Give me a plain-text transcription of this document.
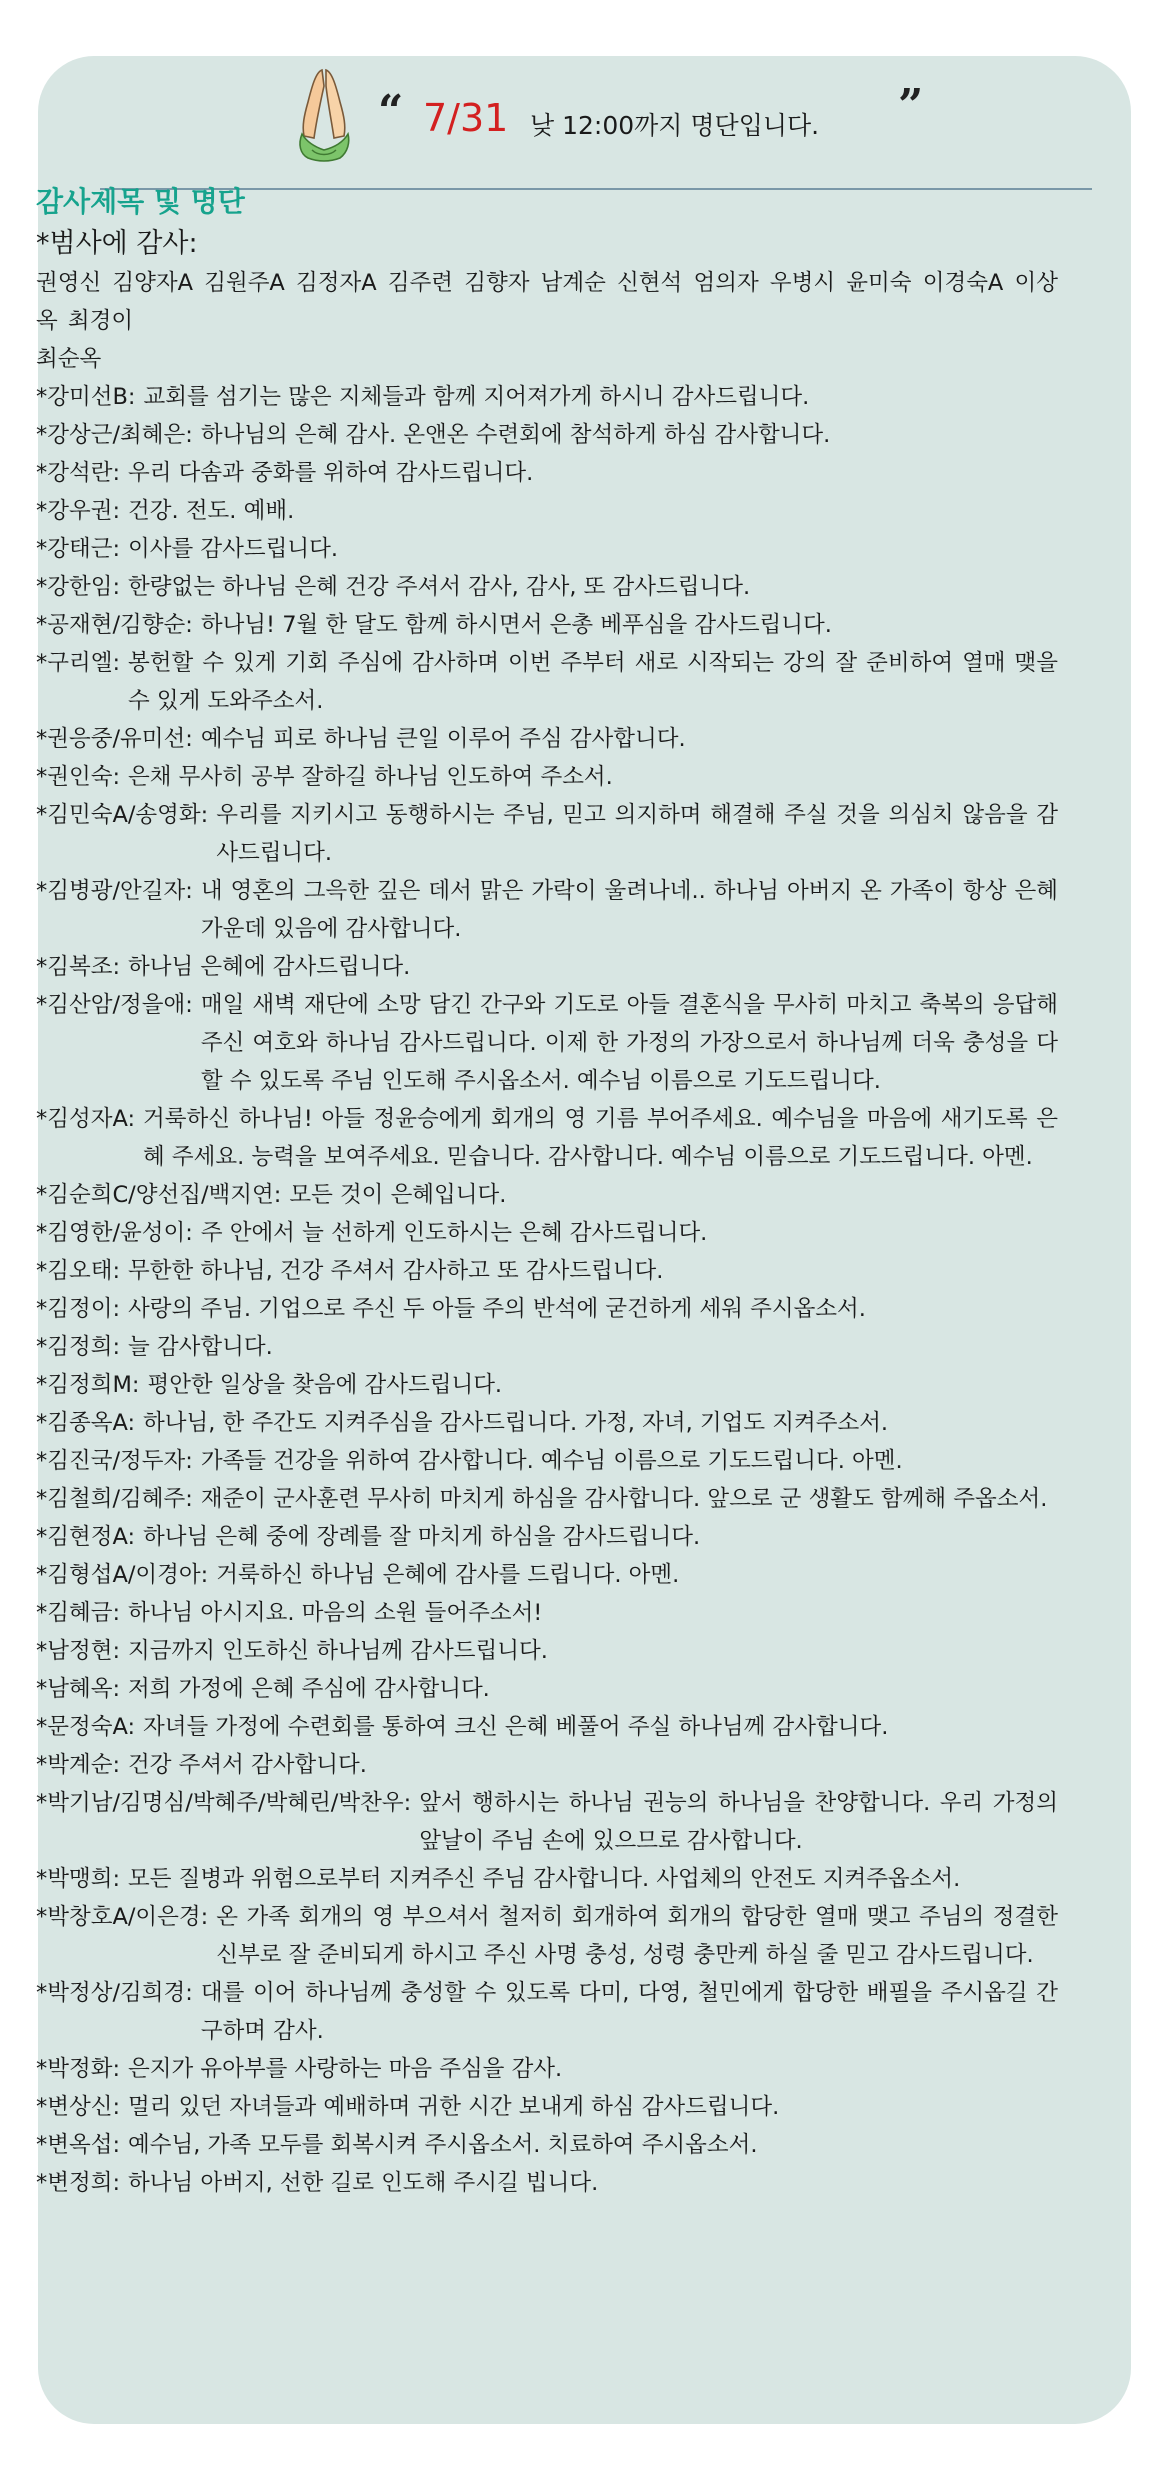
“ 7/31 낮 12:00까지 명단입니다. ”

감사제목 및 명단

*범사에 감사:

권영신 김양자A 김원주A 김정자A 김주련 김향자 남계순 신현석 엄의자 우병시 윤미숙 이경숙A 이상옥 최경이
최순옥
*강미선B: 교회를 섬기는 많은 지체들과 함께 지어져가게 하시니 감사드립니다.
*강상근/최혜은: 하나님의 은혜 감사. 온앤온 수련회에 참석하게 하심 감사합니다.
*강석란: 우리 다솜과 중화를 위하여 감사드립니다.
*강우권: 건강. 전도. 예배.
*강태근: 이사를 감사드립니다.
*강한임: 한량없는 하나님 은혜 건강 주셔서 감사, 감사, 또 감사드립니다.
*공재현/김향순: 하나님! 7월 한 달도 함께 하시면서 은총 베푸심을 감사드립니다.
*구리엘: 봉헌할 수 있게 기회 주심에 감사하며 이번 주부터 새로 시작되는 강의 잘 준비하여 열매 맺을 수 있게 도와주소서.
*권응중/유미선: 예수님 피로 하나님 큰일 이루어 주심 감사합니다.
*권인숙: 은채 무사히 공부 잘하길 하나님 인도하여 주소서.
*김민숙A/송영화: 우리를 지키시고 동행하시는 주님, 믿고 의지하며 해결해 주실 것을 의심치 않음을 감사드립니다.
*김병광/안길자: 내 영혼의 그윽한 깊은 데서 맑은 가락이 울려나네.. 하나님 아버지 온 가족이 항상 은혜 가운데 있음에 감사합니다.
*김복조: 하나님 은혜에 감사드립니다.
*김산암/정을애: 매일 새벽 재단에 소망 담긴 간구와 기도로 아들 결혼식을 무사히 마치고 축복의 응답해 주신 여호와 하나님 감사드립니다. 이제 한 가정의 가장으로서 하나님께 더욱 충성을 다할 수 있도록 주님 인도해 주시옵소서. 예수님 이름으로 기도드립니다.
*김성자A: 거룩하신 하나님! 아들 정윤승에게 회개의 영 기름 부어주세요. 예수님을 마음에 새기도록 은혜 주세요. 능력을 보여주세요. 믿습니다. 감사합니다. 예수님 이름으로 기도드립니다. 아멘.
*김순희C/양선집/백지연: 모든 것이 은혜입니다.
*김영한/윤성이: 주 안에서 늘 선하게 인도하시는 은혜 감사드립니다.
*김오태: 무한한 하나님, 건강 주셔서 감사하고 또 감사드립니다.
*김정이: 사랑의 주님. 기업으로 주신 두 아들 주의 반석에 굳건하게 세워 주시옵소서.
*김정희: 늘 감사합니다.
*김정희M: 평안한 일상을 찾음에 감사드립니다.
*김종옥A: 하나님, 한 주간도 지켜주심을 감사드립니다. 가정, 자녀, 기업도 지켜주소서.
*김진국/정두자: 가족들 건강을 위하여 감사합니다. 예수님 이름으로 기도드립니다. 아멘.
*김철희/김혜주: 재준이 군사훈련 무사히 마치게 하심을 감사합니다. 앞으로 군 생활도 함께해 주옵소서.
*김현정A: 하나님 은혜 중에 장례를 잘 마치게 하심을 감사드립니다.
*김형섭A/이경아: 거룩하신 하나님 은혜에 감사를 드립니다. 아멘.
*김혜금: 하나님 아시지요. 마음의 소원 들어주소서!
*남정현: 지금까지 인도하신 하나님께 감사드립니다.
*남혜옥: 저희 가정에 은혜 주심에 감사합니다.
*문정숙A: 자녀들 가정에 수련회를 통하여 크신 은혜 베풀어 주실 하나님께 감사합니다.
*박계순: 건강 주셔서 감사합니다.
*박기남/김명심/박혜주/박혜린/박찬우: 앞서 행하시는 하나님 권능의 하나님을 찬양합니다. 우리 가정의 앞날이 주님 손에 있으므로 감사합니다.
*박맹희: 모든 질병과 위험으로부터 지켜주신 주님 감사합니다. 사업체의 안전도 지켜주옵소서.
*박창호A/이은경: 온 가족 회개의 영 부으셔서 철저히 회개하여 회개의 합당한 열매 맺고 주님의 정결한 신부로 잘 준비되게 하시고 주신 사명 충성, 성령 충만케 하실 줄 믿고 감사드립니다.
*박정상/김희경: 대를 이어 하나님께 충성할 수 있도록 다미, 다영, 철민에게 합당한 배필을 주시옵길 간구하며 감사.
*박정화: 은지가 유아부를 사랑하는 마음 주심을 감사.
*변상신: 멀리 있던 자녀들과 예배하며 귀한 시간 보내게 하심 감사드립니다.
*변옥섭: 예수님, 가족 모두를 회복시켜 주시옵소서. 치료하여 주시옵소서.
*변정희: 하나님 아버지, 선한 길로 인도해 주시길 빕니다.
